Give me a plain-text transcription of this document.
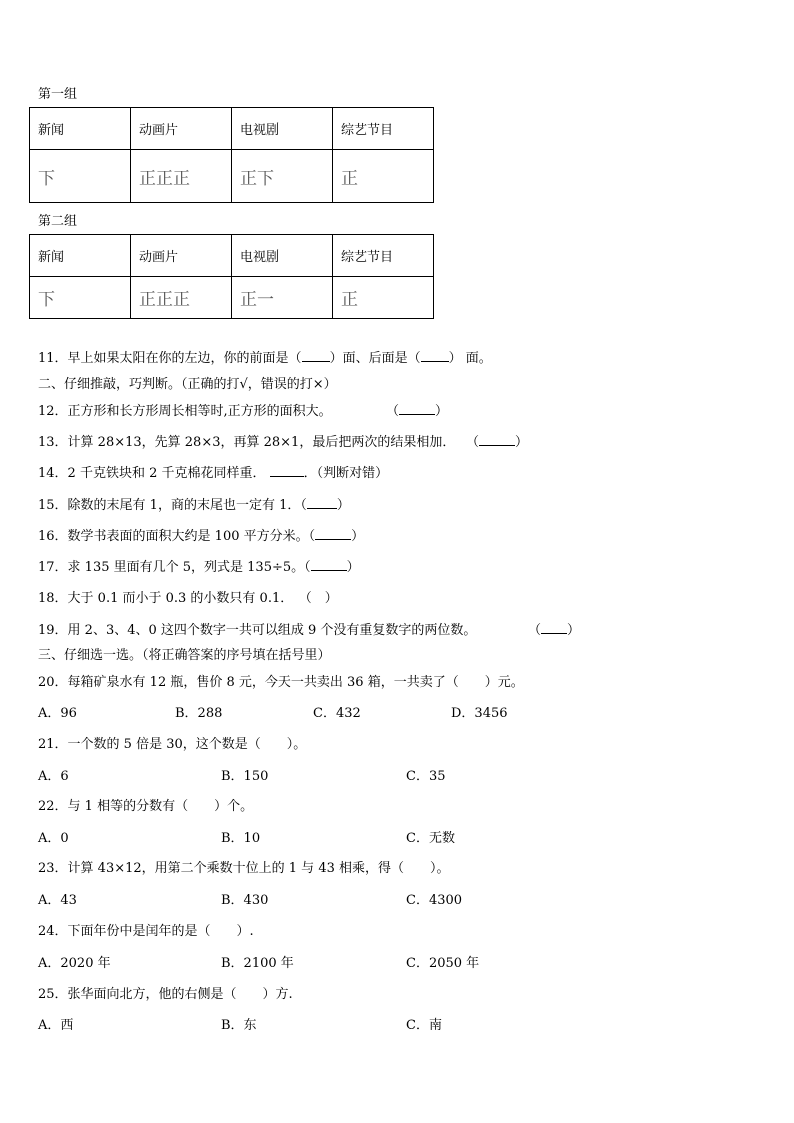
第一组
新闻	动画片	电视剧	综艺节目
下	正正正	正下	正
第二组
新闻	动画片	电视剧	综艺节目
下	正正正	正一	正
11．早上如果太阳在你的左边，你的前面是（ ）面、后面是（ ） 面。
二、仔细推敲，巧判断。（正确的打√，错误的打×）
12．正方形和长方形周长相等时,正方形的面积大。	（	）
13．计算 28×13，先算 28×3，再算 28×1，最后把两次的结果相加． （	）
14．2 千克铁块和 2 千克棉花同样重．	．（判断对错）
15．除数的末尾有 1，商的末尾也一定有 1．（ ）
16．数学书表面的面积大约是 100 平方分米。（	）
17．求 135 里面有几个 5，列式是 135÷5。（	）
18．大于 0.1 而小于 0.3 的小数只有 0.1． （　）
19．用 2、3、4、0 这四个数字一共可以组成 9 个没有重复数字的两位数。	（ ）
三、仔细选一选。（将正确答案的序号填在括号里）
20．每箱矿泉水有 12 瓶，售价 8 元，今天一共卖出 36 箱，一共卖了（　　）元。
A．96	B．288	C．432	D．3456
21．一个数的 5 倍是 30，这个数是（　　）。
A．6	B．150	C．35
22．与 1 相等的分数有（　　）个。
A．0	B．10	C．无数
23．计算 43×12，用第二个乘数十位上的 1 与 43 相乘，得（　　）。
A．43	B．430	C．4300
24．下面年份中是闰年的是（　　）.
A．2020 年	B．2100 年	C．2050 年
25．张华面向北方，他的右侧是（　　）方.
A．西	B．东	C．南
